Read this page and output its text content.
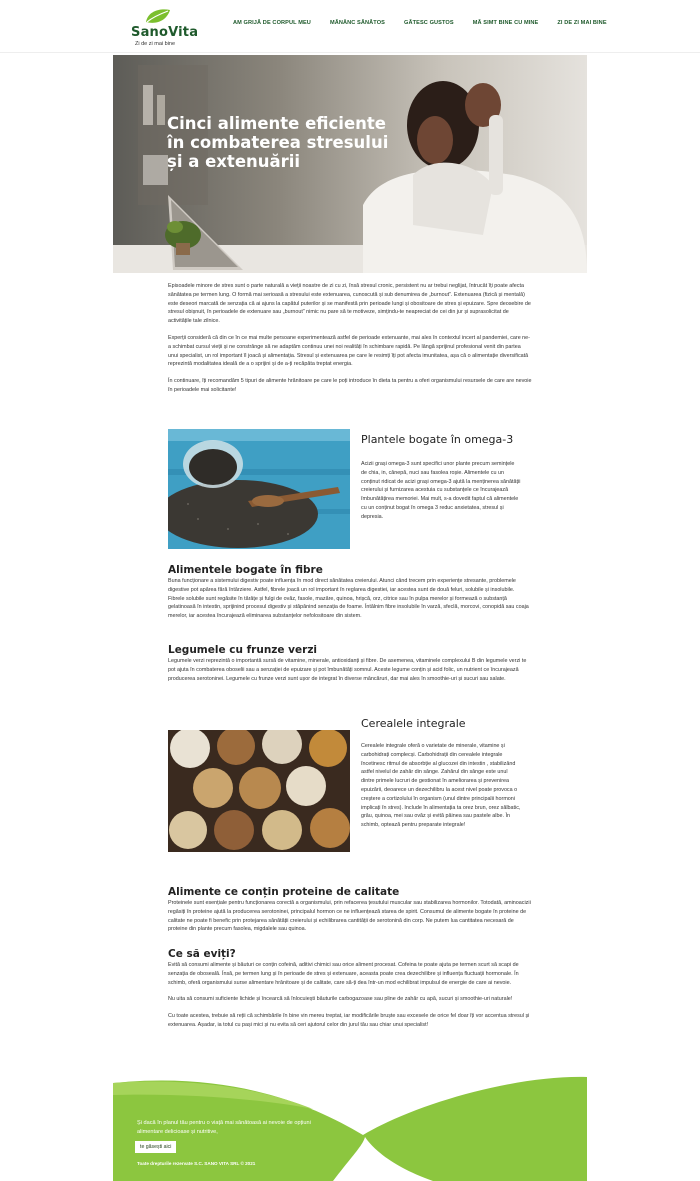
SanoVita
Zi de zi mai bine
AM GRIJĂ DE CORPUL MEU	MĂNÂNC SĂNĂTOS	GĂTESC GUSTOS	MĂ SIMT BINE CU MINE	ZI DE ZI MAI BINE
Cinci alimente eficiente în combaterea stresului și a extenuării

Episoadele minore de stres sunt o parte naturală a vieții noastre de zi cu zi, însă stresul cronic, persistent nu ar trebui neglijat, întrucât îți poate afecta sănătatea pe termen lung. O formă mai serioasă a stresului este extenuarea, cunoscută și sub denumirea de „burnout”. Extenuarea (fizică și mentală) este deseori marcată de senzația că ai ajuns la capătul puterilor și se manifestă prin perioade lungi și obositoare de stres și epuizare. Spre deosebire de stresul obișnuit, în perioadele de extenuare sau „burnout” nimic nu pare să te motiveze, simțindu-te neapreciat de cei din jur și suprasolicitat de activitățile tale zilnice.

Experții consideră că din ce în ce mai multe persoane experimentează astfel de perioade extenuante, mai ales în contextul incert al pandemiei, care ne-a schimbat cursul vieții și ne constrânge să ne adaptăm continuu unei noi realități în schimbare rapidă. Pe lângă sprijinul profesional venit din partea unui specialist, un rol important îl joacă și alimentația. Stresul și extenuarea pe care le resimți îți pot afecta imunitatea, așa că o alimentație diversificată reprezintă modalitatea ideală de a o sprijini și de a-ți recăpăta treptat energia.

În continuare, îți recomandăm 5 tipuri de alimente hrănitoare pe care le poți introduce în dieta ta pentru a oferi organismului resursele de care are nevoie în perioadele mai solicitante!

Plantele bogate în omega-3

Acizii grași omega-3 sunt specifici unor plante precum semințele de chia, in, cânepă, nuci sau fasolea roșie. Alimentele cu un conținut ridicat de acizi grași omega-3 ajută la menținerea sănătății creierului și furnizarea acestuia cu substanțele ce încurajează îmbunătățirea memoriei. Mai mult, s-a dovedit faptul că alimentele cu un conținut bogat în omega 3 reduc anxietatea, stresul și depresia.

Alimentele bogate în fibre

Buna funcționare a sistemului digestiv poate influența în mod direct sănătatea creierului. Atunci când trecem prin experiențe stresante, problemele digestive pot apărea fără întârziere. Astfel, fibrele joacă un rol important în reglarea digestiei, iar acestea sunt de două feluri, solubile și insolubile. Fibrele solubile sunt regăsite în tărâțe și fulgi de ovăz, fasole, mazăre, quinoa, hrișcă, orz, citrice sau în pulpa merelor și formează o substanță gelatinoasă în intestin, sprijinind procesul digestiv și stăpânind senzația de foame. Întâlnim fibre insolubile în varză, sfeclă, morcovi, conopidă sau coaja merelor, iar acestea încurajează eliminarea substanțelor nefolositoare din sistem.

Legumele cu frunze verzi

Legumele verzi reprezintă o importantă sursă de vitamine, minerale, antioxidanți și fibre. De asemenea, vitaminele complexului B din legumele verzi te pot ajuta în combaterea oboselii sau a senzației de epuizare și pot îmbunătăți somnul. Aceste legume conțin și acid folic, un nutrient ce încurajează producerea serotoninei. Legumele cu frunze verzi sunt ușor de integrat în diverse mâncăruri, dar mai ales în smoothie-uri și sucuri sau salate.

Cerealele integrale

Cerealele integrale oferă o varietate de minerale, vitamine și carbohidrați complecși. Carbohidrații din cerealele integrale încetinesc ritmul de absorbție al glucozei din intestin , stabilizând astfel nivelul de zahăr din sânge. Zahărul din sânge este unul dintre primele lucruri de gestionat în ameliorarea și prevenirea epuizării, deoarece un dezechilibru la acest nivel poate provoca o creștere a cortizolului în organism (unul dintre principalii hormoni implicați în stres). Include în alimentația ta orez brun, orez sălbatic, grâu, quinoa, mei sau ovăz și evită pâinea sau pastele albe. În schimb, optează pentru preparate integrale!

Alimente ce conțin proteine de calitate

Proteinele sunt esențiale pentru funcționarea corectă a organismului, prin refacerea țesutului muscular sau stabilizarea hormonilor. Totodată, aminoacizii regăsiți în proteine ajută la producerea serotoninei, principalul hormon ce ne influențează starea de spirit. Consumul de alimente bogate în proteine de calitate ne poate fi benefic prin protejarea sănătății creierului și echilibrarea cantității de serotonină din corp. Ne putem lua cantitatea necesară de proteine din plante precum fasolea, migdalele sau quinoa.

Ce să eviți?

Evită să consumi alimente și băuturi ce conțin cofeină, aditivi chimici sau orice aliment procesat. Cofeina te poate ajuta pe termen scurt să scapi de senzația de oboseală. Însă, pe termen lung și în perioade de stres și extenuare, aceasta poate crea dezechilibre și influența fluctuații hormonale. În schimb, oferă organismului surse alimentare hrănitoare și de calitate, care să-ți dea într-un mod echilibrat impulsul de energie de care ai nevoie.

Nu uita să consumi suficiente lichide și încearcă să înlocuiești băuturile carbogazoase sau pline de zahăr cu apă, sucuri și smoothie-uri naturale!

Cu toate acestea, trebuie să reții că schimbările în bine vin mereu treptat, iar modificările bruște sau excesele de orice fel doar îți vor accentua stresul și extenuarea. Așadar, ia totul cu pași mici și nu evita să ceri ajutorul celor din jurul tău sau chiar unui specialist!

Și dacă în planul tău pentru o viață mai sănătoasă ai nevoie de opțiuni alimentare delicioase și nutritive,
te găsești aici
Toate drepturile rezervate S.C. SANO VITA SRL © 2021
